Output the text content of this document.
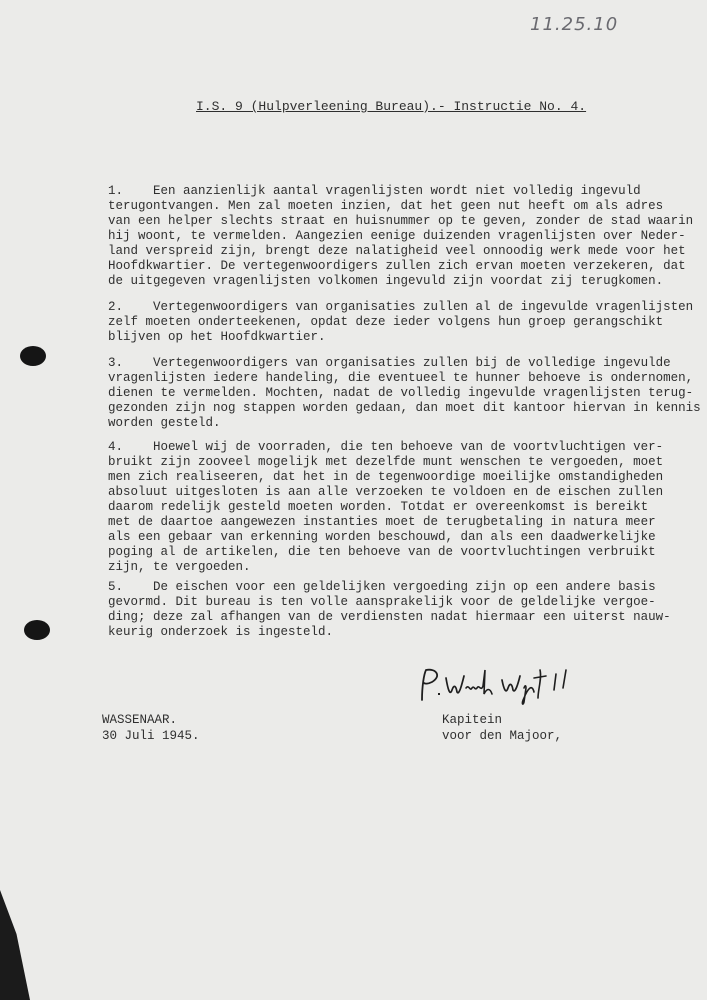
11.25.10
I.S. 9 (Hulpverleening Bureau).- Instructie No. 4.
1.    Een aanzienlijk aantal vragenlijsten wordt niet volledig ingevuld
terugontvangen. Men zal moeten inzien, dat het geen nut heeft om als adres
van een helper slechts straat en huisnummer op te geven, zonder de stad waarin
hij woont, te vermelden. Aangezien eenige duizenden vragenlijsten over Neder-
land verspreid zijn, brengt deze nalatigheid veel onnoodig werk mede voor het
Hoofdkwartier. De vertegenwoordigers zullen zich ervan moeten verzekeren, dat
de uitgegeven vragenlijsten volkomen ingevuld zijn voordat zij terugkomen.
2.    Vertegenwoordigers van organisaties zullen al de ingevulde vragenlijsten
zelf moeten onderteekenen, opdat deze ieder volgens hun groep gerangschikt
blijven op het Hoofdkwartier.
3.    Vertegenwoordigers van organisaties zullen bij de volledige ingevulde
vragenlijsten iedere handeling, die eventueel te hunner behoeve is ondernomen,
dienen te vermelden. Mochten, nadat de volledig ingevulde vragenlijsten terug-
gezonden zijn nog stappen worden gedaan, dan moet dit kantoor hiervan in kennis
worden gesteld.
4.    Hoewel wij de voorraden, die ten behoeve van de voortvluchtigen ver-
bruikt zijn zooveel mogelijk met dezelfde munt wenschen te vergoeden, moet
men zich realiseeren, dat het in de tegenwoordige moeilijke omstandigheden
absoluut uitgesloten is aan alle verzoeken te voldoen en de eischen zullen
daarom redelijk gesteld moeten worden. Totdat er overeenkomst is bereikt
met de daartoe aangewezen instanties moet de terugbetaling in natura meer
als een gebaar van erkenning worden beschouwd, dan als een daadwerkelijke
poging al de artikelen, die ten behoeve van de voortvluchtingen verbruikt
zijn, te vergoeden.
5.    De eischen voor een geldelijken vergoeding zijn op een andere basis
gevormd. Dit bureau is ten volle aansprakelijk voor de geldelijke vergoe-
ding; deze zal afhangen van de verdiensten nadat hiermaar een uiterst nauw-
keurig onderzoek is ingesteld.
WASSENAAR.
30 Juli 1945.
Kapitein
voor den Majoor,
